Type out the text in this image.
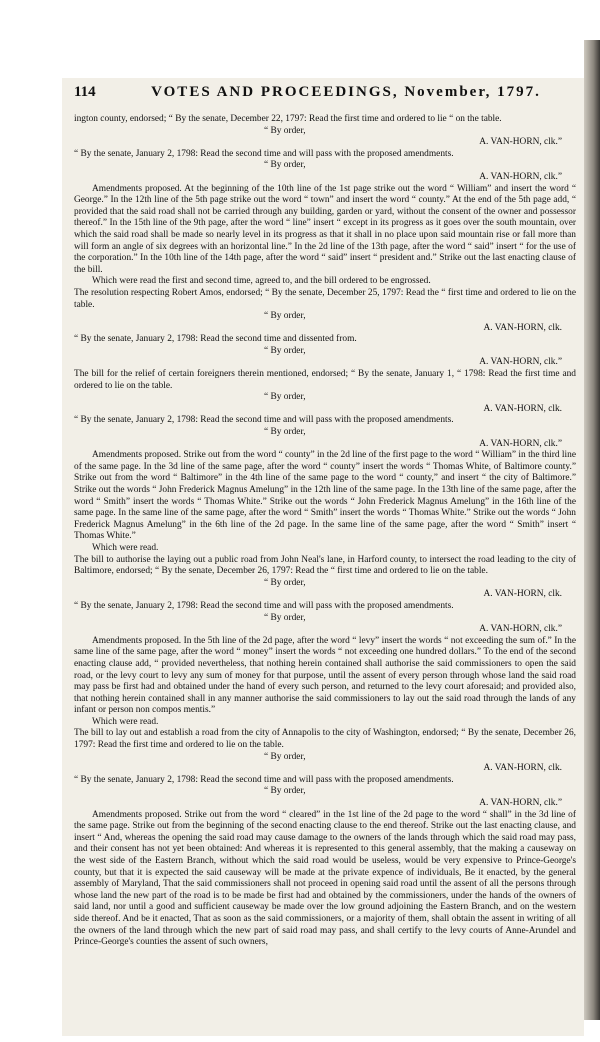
114	VOTES AND PROCEEDINGS, November, 1797.

ington county, endorsed; “ By the senate, December 22, 1797: Read the first time and ordered to lie “ on the table.

“ By order,

A. VAN-HORN, clk.”

“ By the senate, January 2, 1798: Read the second time and will pass with the proposed amendments.

“ By order,

A. VAN-HORN, clk.”

Amendments proposed. At the beginning of the 10th line of the 1st page strike out the word “ William” and insert the word “ George.” In the 12th line of the 5th page strike out the word “ town” and insert the word “ county.” At the end of the 5th page add, “ provided that the said road shall not be carried through any building, garden or yard, without the consent of the owner and possessor thereof.” In the 15th line of the 9th page, after the word “ line” insert “ except in its progress as it goes over the south mountain, over which the said road shall be made so nearly level in its progress as that it shall in no place upon said mountain rise or fall more than will form an angle of six degrees with an horizontal line.” In the 2d line of the 13th page, after the word “ said” insert “ for the use of the corporation.” In the 10th line of the 14th page, after the word “ said” insert “ president and.” Strike out the last enacting clause of the bill.

Which were read the first and second time, agreed to, and the bill ordered to be engrossed.

The resolution respecting Robert Amos, endorsed; “ By the senate, December 25, 1797: Read the “ first time and ordered to lie on the table.

“ By order,

A. VAN-HORN, clk.

“ By the senate, January 2, 1798: Read the second time and dissented from.

“ By order,

A. VAN-HORN, clk.”

The bill for the relief of certain foreigners therein mentioned, endorsed; “ By the senate, January 1, “ 1798: Read the first time and ordered to lie on the table.

“ By order,

A. VAN-HORN, clk.

“ By the senate, January 2, 1798: Read the second time and will pass with the proposed amendments.

“ By order,

A. VAN-HORN, clk.”

Amendments proposed. Strike out from the word “ county” in the 2d line of the first page to the word “ William” in the third line of the same page. In the 3d line of the same page, after the word “ county” insert the words “ Thomas White, of Baltimore county.” Strike out from the word “ Baltimore” in the 4th line of the same page to the word “ county,” and insert “ the city of Baltimore.” Strike out the words “ John Frederick Magnus Amelung” in the 12th line of the same page. In the 13th line of the same page, after the word “ Smith” insert the words “ Thomas White.” Strike out the words “ John Frederick Magnus Amelung” in the 16th line of the same page. In the same line of the same page, after the word “ Smith” insert the words “ Thomas White.” Strike out the words “ John Frederick Magnus Amelung” in the 6th line of the 2d page. In the same line of the same page, after the word “ Smith” insert “ Thomas White.”

Which were read.

The bill to authorise the laying out a public road from John Neal's lane, in Harford county, to intersect the road leading to the city of Baltimore, endorsed; “ By the senate, December 26, 1797: Read the “ first time and ordered to lie on the table.

“ By order,

A. VAN-HORN, clk.

“ By the senate, January 2, 1798: Read the second time and will pass with the proposed amendments.

“ By order,

A. VAN-HORN, clk.”

Amendments proposed. In the 5th line of the 2d page, after the word “ levy” insert the words “ not exceeding the sum of.” In the same line of the same page, after the word “ money” insert the words “ not exceeding one hundred dollars.” To the end of the second enacting clause add, “ provided nevertheless, that nothing herein contained shall authorise the said commissioners to open the said road, or the levy court to levy any sum of money for that purpose, until the assent of every person through whose land the said road may pass be first had and obtained under the hand of every such person, and returned to the levy court aforesaid; and provided also, that nothing herein contained shall in any manner authorise the said commissioners to lay out the said road through the lands of any infant or person non compos mentis.”

Which were read.

The bill to lay out and establish a road from the city of Annapolis to the city of Washington, endorsed; “ By the senate, December 26, 1797: Read the first time and ordered to lie on the table.

“ By order,

A. VAN-HORN, clk.

“ By the senate, January 2, 1798: Read the second time and will pass with the proposed amendments.

“ By order,

A. VAN-HORN, clk.”

Amendments proposed. Strike out from the word “ cleared” in the 1st line of the 2d page to the word “ shall” in the 3d line of the same page. Strike out from the beginning of the second enacting clause to the end thereof. Strike out the last enacting clause, and insert “ And, whereas the opening the said road may cause damage to the owners of the lands through which the said road may pass, and their consent has not yet been obtained: And whereas it is represented to this general assembly, that the making a causeway on the west side of the Eastern Branch, without which the said road would be useless, would be very expensive to Prince-George's county, but that it is expected the said causeway will be made at the private expence of individuals, Be it enacted, by the general assembly of Maryland, That the said commissioners shall not proceed in opening said road until the assent of all the persons through whose land the new part of the road is to be made be first had and obtained by the commissioners, under the hands of the owners of said land, nor until a good and sufficient causeway be made over the low ground adjoining the Eastern Branch, and on the western side thereof. And be it enacted, That as soon as the said commissioners, or a majority of them, shall obtain the assent in writing of all the owners of the land through which the new part of said road may pass, and shall certify to the levy courts of Anne-Arundel and Prince-George's counties the assent of such owners,
